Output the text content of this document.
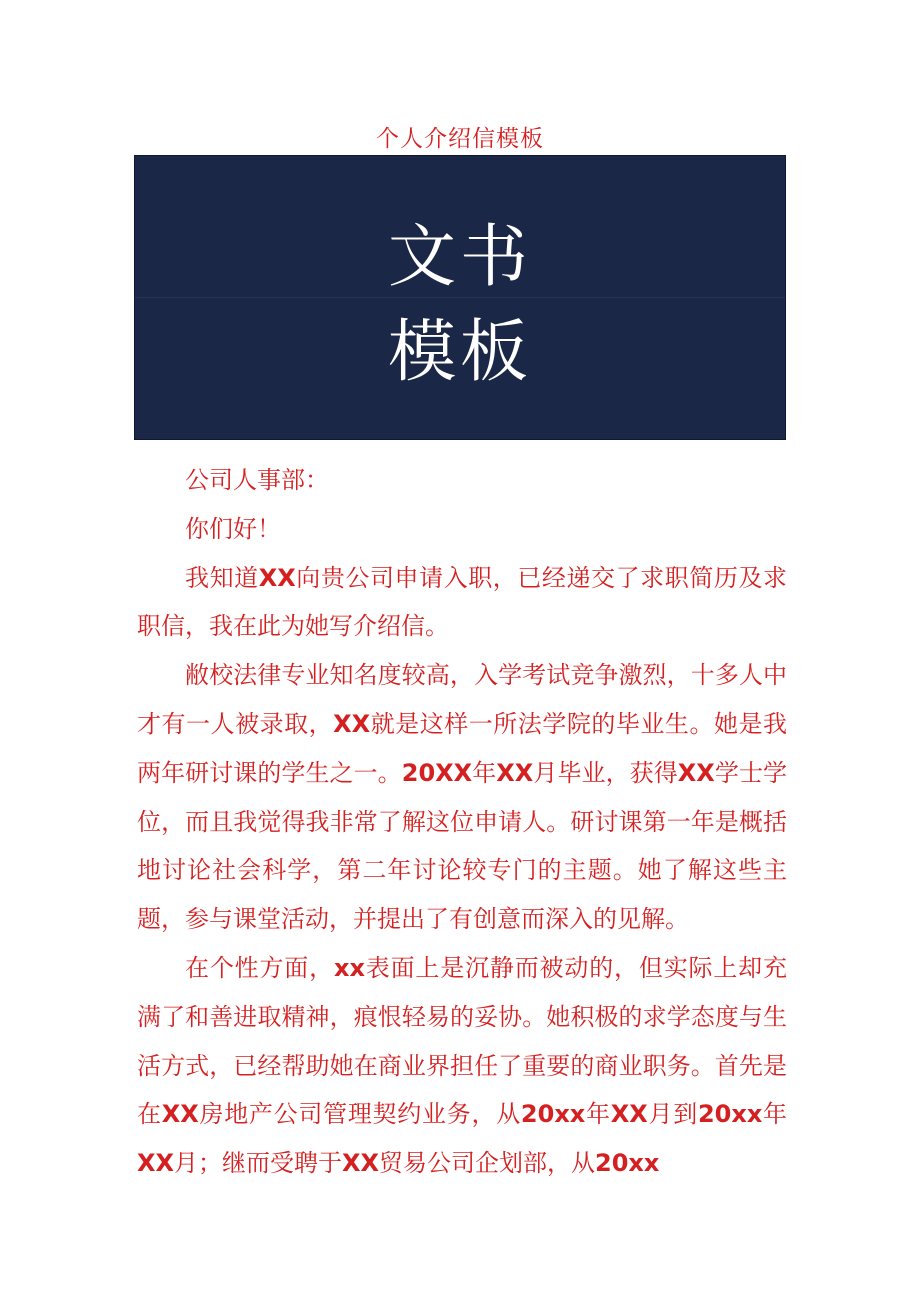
个人介绍信模板
文书
模板

公司人事部：

你们好！

我知道XX向贵公司申请入职，已经递交了求职简历及求职信，我在此为她写介绍信。

敝校法律专业知名度较高，入学考试竞争激烈，十多人中才有一人被录取，XX就是这样一所法学院的毕业生。她是我两年研讨课的学生之一。20XX年XX月毕业，获得XX学士学位，而且我觉得我非常了解这位申请人。研讨课第一年是概括地讨论社会科学，第二年讨论较专门的主题。她了解这些主题，参与课堂活动，并提出了有创意而深入的见解。

在个性方面，xx表面上是沉静而被动的，但实际上却充满了和善进取精神，痕恨轻易的妥协。她积极的求学态度与生活方式，已经帮助她在商业界担任了重要的商业职务。首先是在XX房地产公司管理契约业务，从20xx年XX月到20xx年XX月；继而受聘于XX贸易公司企划部，从20xx
